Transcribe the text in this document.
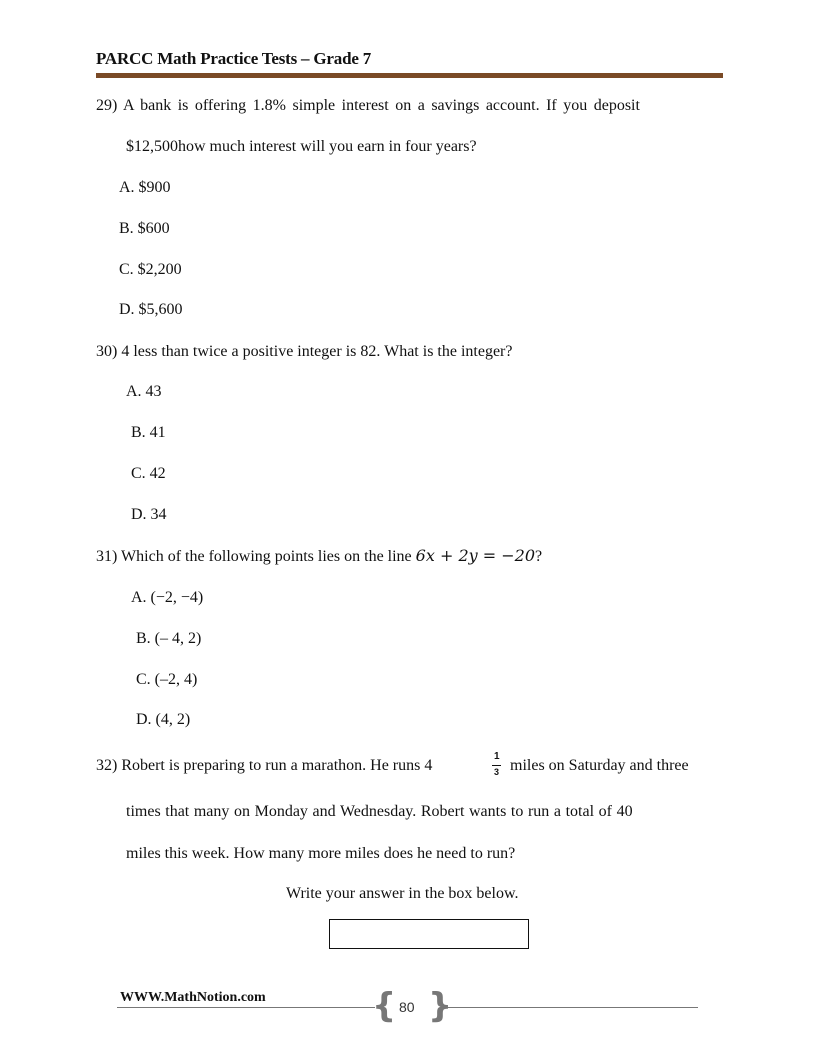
PARCC Math Practice Tests – Grade 7
29) A bank is offering 1.8% simple interest on a savings account. If you deposit
$12,500how much interest will you earn in four years?
A. $900
B. $600
C. $2,200
D. $5,600
30) 4 less than twice a positive integer is 82. What is the integer?
A. 43
B. 41
C. 42
D. 34
31) Which of the following points lies on the line 6x + 2y = −20?
A. (−2, −4)
B. (– 4, 2)
C. (–2, 4)
D. (4, 2)
32) Robert is preparing to run a marathon. He runs 4
1
3 miles on Saturday and three
times that many on Monday and Wednesday. Robert wants to run a total of 40
miles this week. How many more miles does he need to run?
Write your answer in the box below.
WWW.MathNotion.com	{ }
80
